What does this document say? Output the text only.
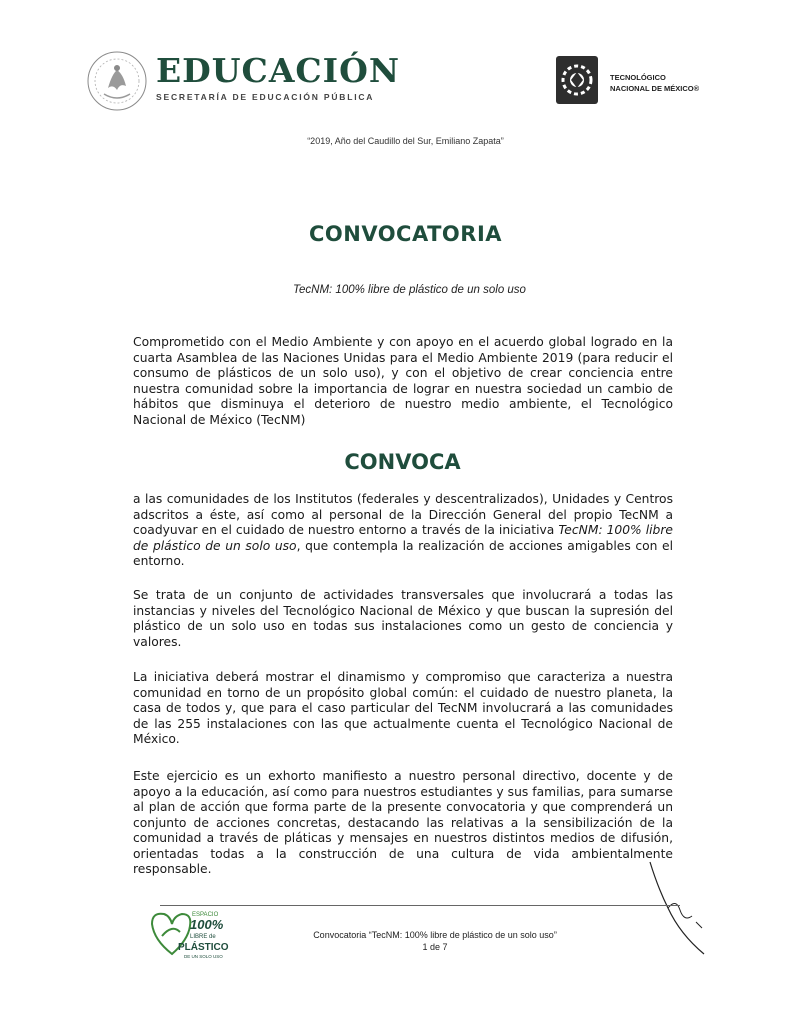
EDUCACIÓN
SECRETARÍA DE EDUCACIÓN PÚBLICA
TECNOLÓGICO
NACIONAL DE MÉXICO®
“2019, Año del Caudillo del Sur, Emiliano Zapata”
CONVOCATORIA
TecNM: 100% libre de plástico de un solo uso

Comprometido con el Medio Ambiente y con apoyo en el acuerdo global logrado en la cuarta Asamblea de las Naciones Unidas para el Medio Ambiente 2019 (para reducir el consumo de plásticos de un solo uso), y con el objetivo de crear conciencia entre nuestra comunidad sobre la importancia de lograr en nuestra sociedad un cambio de hábitos que disminuya el deterioro de nuestro medio ambiente, el Tecnológico Nacional de México (TecNM)

CONVOCA

a las comunidades de los Institutos (federales y descentralizados), Unidades y Centros adscritos a éste, así como al personal de la Dirección General del propio TecNM a coadyuvar en el cuidado de nuestro entorno a través de la iniciativa TecNM: 100% libre de plástico de un solo uso, que contempla la realización de acciones amigables con el entorno.

Se trata de un conjunto de actividades transversales que involucrará a todas las instancias y niveles del Tecnológico Nacional de México y que buscan la supresión del plástico de un solo uso en todas sus instalaciones como un gesto de conciencia y valores.

La iniciativa deberá mostrar el dinamismo y compromiso que caracteriza a nuestra comunidad en torno de un propósito global común: el cuidado de nuestro planeta, la casa de todos y, que para el caso particular del TecNM involucrará a las comunidades de las 255 instalaciones con las que actualmente cuenta el Tecnológico Nacional de México.

Este ejercicio es un exhorto manifiesto a nuestro personal directivo, docente y de apoyo a la educación, así como para nuestros estudiantes y sus familias, para sumarse al plan de acción que forma parte de la presente convocatoria y que comprenderá un conjunto de acciones concretas, destacando las relativas a la sensibilización de la comunidad a través de pláticas y mensajes en nuestros distintos medios de difusión, orientadas todas a la construcción de una cultura de vida ambientalmente responsable.

ESPACIO
100%
LIBRE de
PLÁSTICO
DE UN SOLO USO
Convocatoria “TecNM: 100% libre de plástico de un solo uso”
1 de 7
